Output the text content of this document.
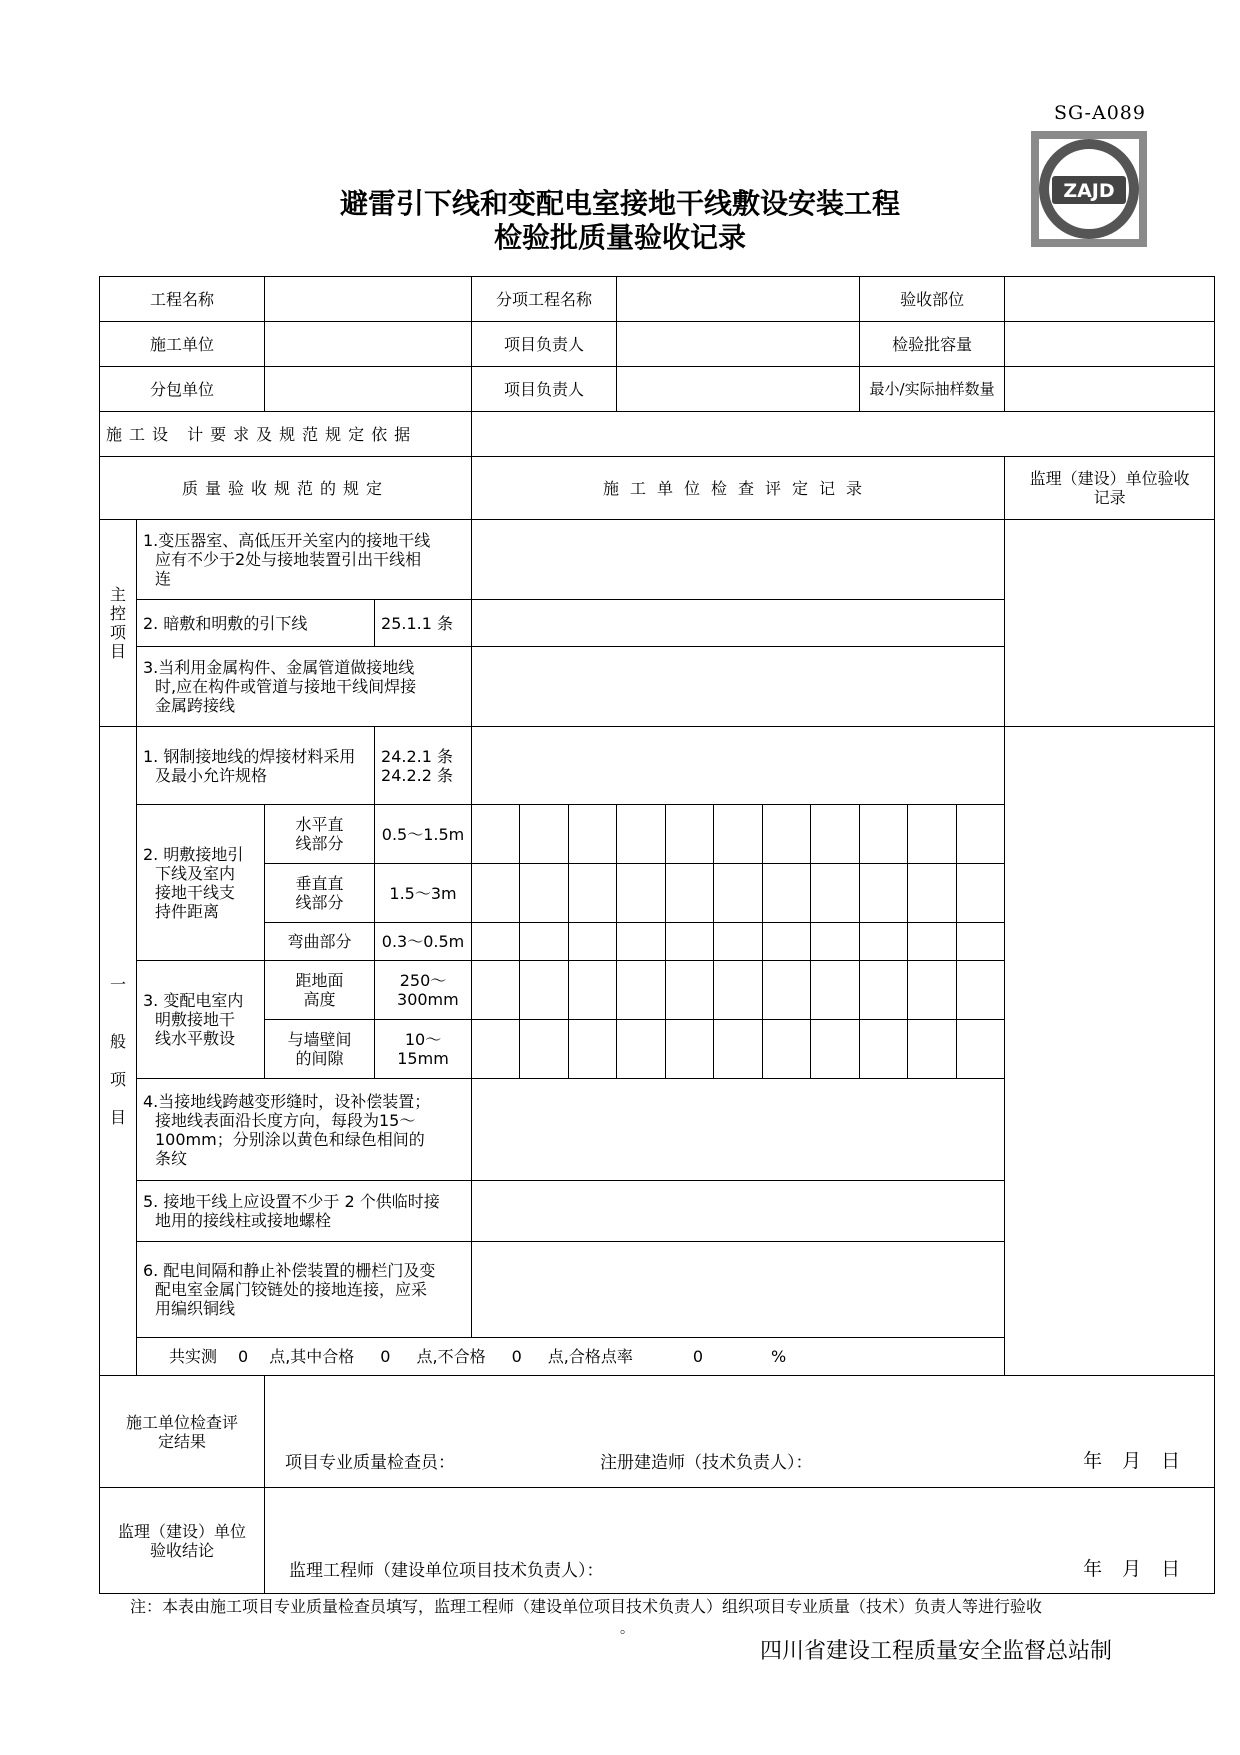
SG-A089
ZAJD
避雷引下线和变配电室接地干线敷设安装工程
检验批质量验收记录
工程名称				分项工程名称								验收部位			
施工单位				项目负责人								检验批容量			
分包单位				项目负责人								最小/实际抽样数量			
施工设 计要求及规范规定依据															
质量验收规范的规定				施工单位检查评定记录											监理（建设）单位验收记录
主
控
项
目	1.变压器室、高低压开关室内的接地干线应有不少于2处与接地装置引出干线相连														
	2. 暗敷和明敷的引下线		25.1.1 条												
	3.当利用金属构件、金属管道做接地线时,应在构件或管道与接地干线间焊接金属跨接线														
一

般

项

目	1. 钢制接地线的焊接材料采用及最小允许规格		24.2.1 条
24.2.2 条												
	2. 明敷接地引下线及室内接地干线支持件距离	水平直线部分	0.5～1.5m												
		垂直直线部分	1.5～3m												
		弯曲部分	0.3～0.5m												
	3. 变配电室内明敷接地干线水平敷设	距地面高度	250～300mm												
		与墙壁间的间隙	10～15mm												
	4.当接地线跨越变形缝时，设补偿装置；接地线表面沿长度方向，每段为15～100mm；分别涂以黄色和绿色相间的条纹														
	5. 接地干线上应设置不少于 2 个供临时接地用的接线柱或接地螺栓														
	6. 配电间隔和静止补偿装置的栅栏门及变配电室金属门铰链处的接地连接，应采用编织铜线														
	共实测 0 点,其中合格 0 点,不合格 0 点,合格点率 0 %														
施工单位检查评定结果		项目专业质量检查员： 注册建造师（技术负责人）： 年月日													

监理（建设）单位验收结论		监理工程师（建设单位项目技术负责人）： 年月日													
注：本表由施工项目专业质量检查员填写，监理工程师（建设单位项目技术负责人）组织项目专业质量（技术）负责人等进行验收
。
四川省建设工程质量安全监督总站制
